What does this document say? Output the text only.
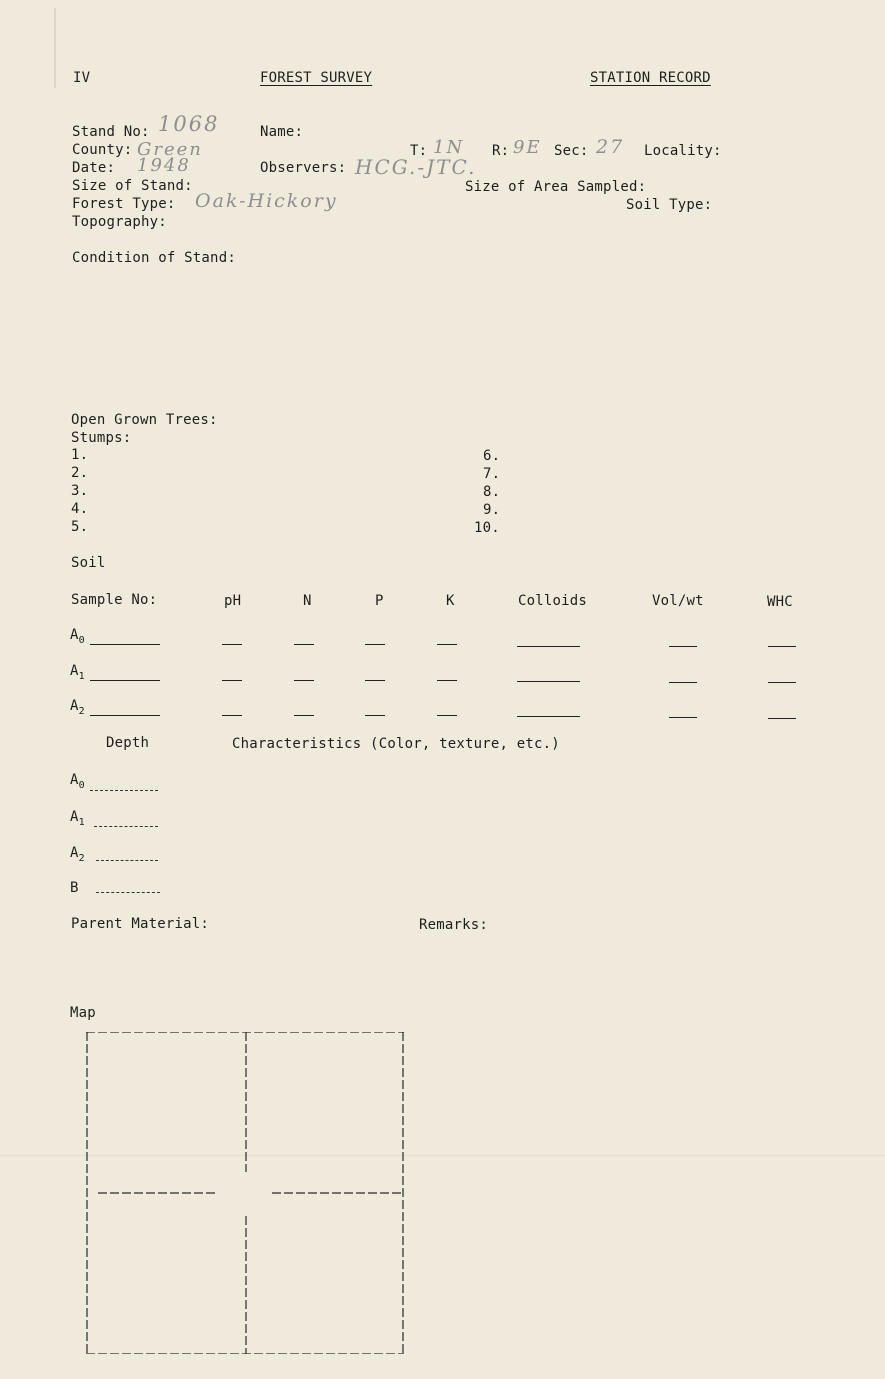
IV	FOREST SURVEY	STATION RECORD
Stand No: 1068	Name:
County: Green	T: 1N R: 9E Sec: 27 Locality:
Date: 1948	Observers: HCG.-JTC.
Size of Stand:	Size of Area Sampled:
Forest Type: Oak-Hickory	Soil Type:
Topography:
Condition of Stand:
Open Grown Trees:
Stumps:
1.
2.
3.
4.
5.
6.
7.
8.
9.
10.
Soil
Sample No:	pH	N	P	K	Colloids	Vol/wt	WHC
$A_0$
$A_1$
$A_2$
Depth	Characteristics (Color, texture, etc.)
$A_0$
$A_1$
$A_2$
B
Parent Material:	Remarks:
Map
